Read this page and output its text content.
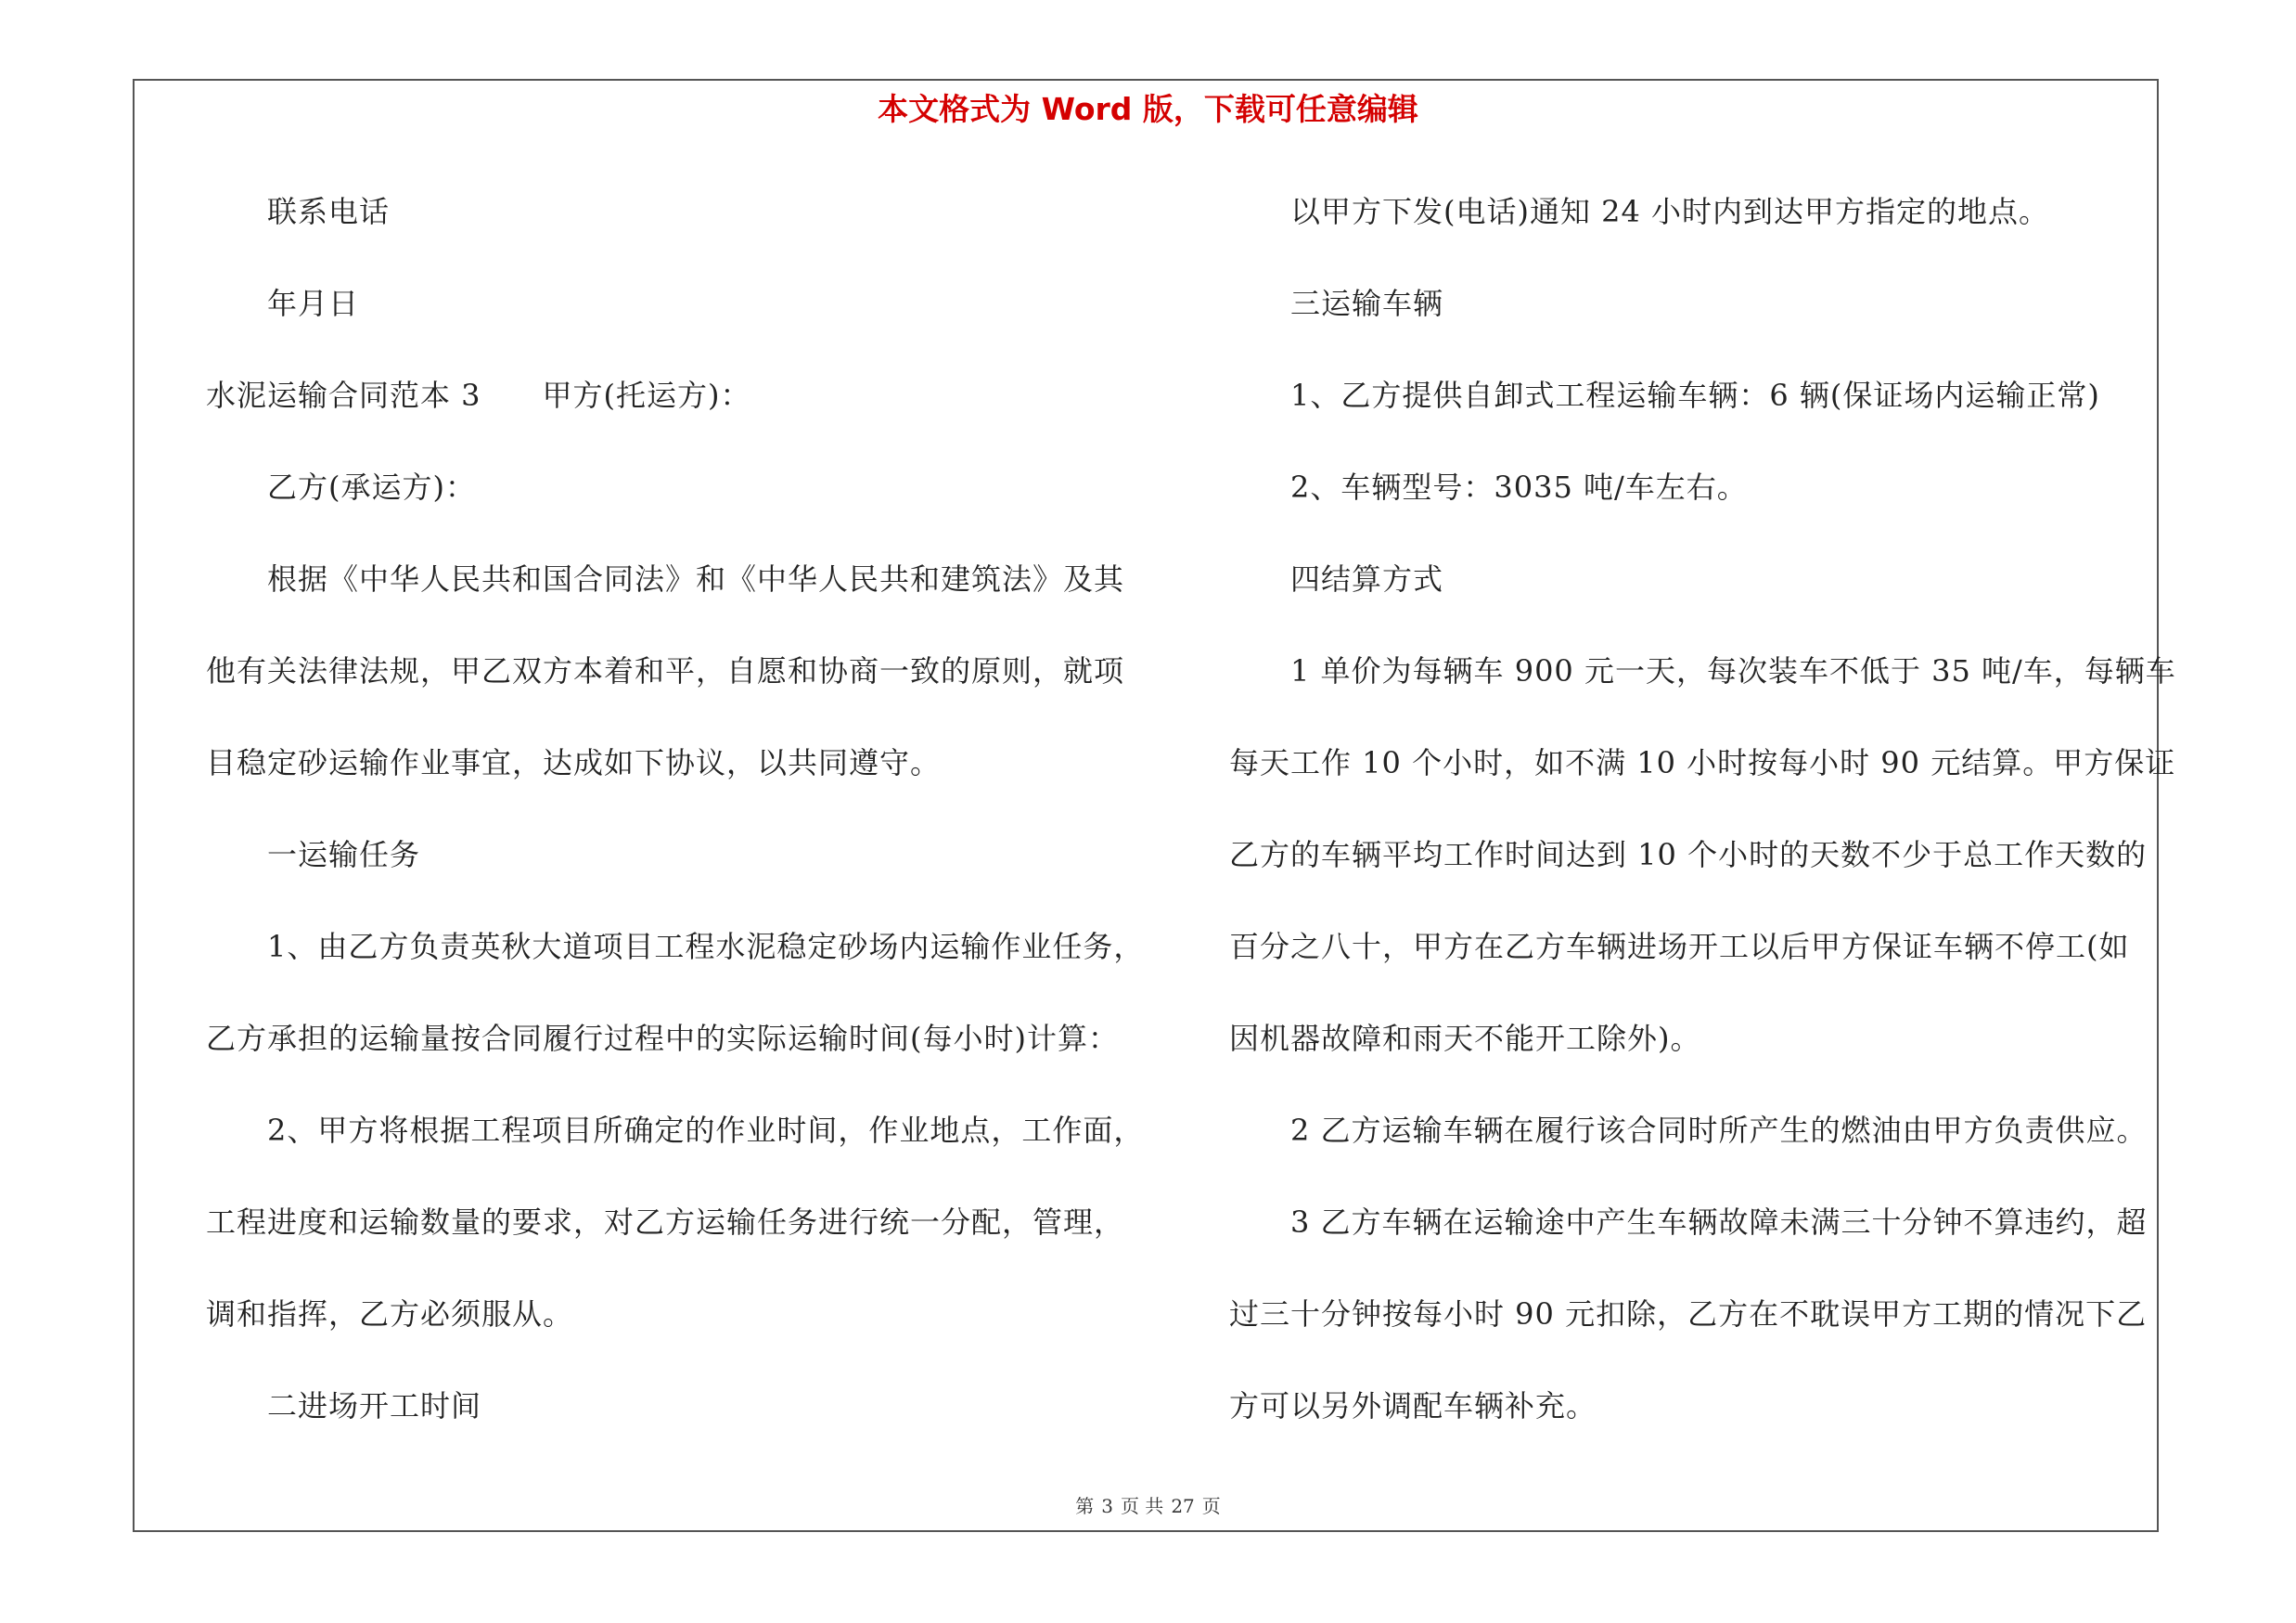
本文格式为 Word 版，下载可任意编辑
联系电话
年月日
水泥运输合同范本 3 甲方(托运方)：
乙方(承运方)：
根据《中华人民共和国合同法》和《中华人民共和建筑法》及其
他有关法律法规，甲乙双方本着和平，自愿和协商一致的原则，就项
目稳定砂运输作业事宜，达成如下协议，以共同遵守。
一运输任务
1、由乙方负责英秋大道项目工程水泥稳定砂场内运输作业任务，
乙方承担的运输量按合同履行过程中的实际运输时间(每小时)计算：
2、甲方将根据工程项目所确定的作业时间，作业地点，工作面，
工程进度和运输数量的要求，对乙方运输任务进行统一分配，管理，
调和指挥，乙方必须服从。
二进场开工时间
以甲方下发(电话)通知 24 小时内到达甲方指定的地点。
三运输车辆
1、乙方提供自卸式工程运输车辆：6 辆(保证场内运输正常)
2、车辆型号：3035 吨/车左右。
四结算方式
1 单价为每辆车 900 元一天，每次装车不低于 35 吨/车，每辆车
每天工作 10 个小时，如不满 10 小时按每小时 90 元结算。甲方保证
乙方的车辆平均工作时间达到 10 个小时的天数不少于总工作天数的
百分之八十，甲方在乙方车辆进场开工以后甲方保证车辆不停工(如
因机器故障和雨天不能开工除外)。
2 乙方运输车辆在履行该合同时所产生的燃油由甲方负责供应。
3 乙方车辆在运输途中产生车辆故障未满三十分钟不算违约，超
过三十分钟按每小时 90 元扣除，乙方在不耽误甲方工期的情况下乙
方可以另外调配车辆补充。
第 3 页 共 27 页
